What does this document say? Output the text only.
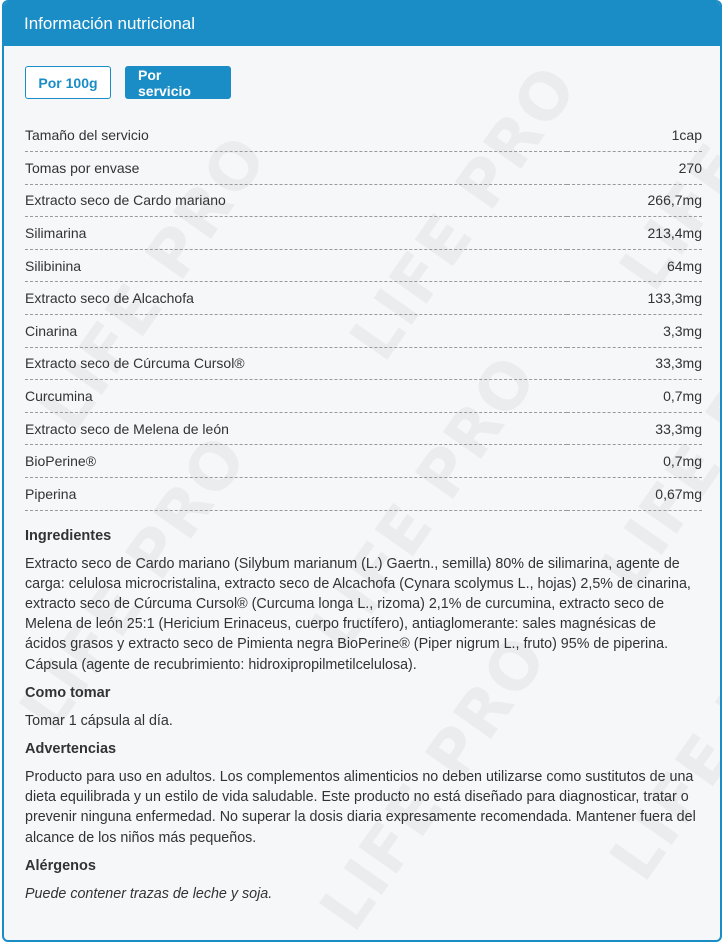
Información nutricional
Por 100g	Por servicio
Tamaño del servicio	1cap
Tomas por envase	270
Extracto seco de Cardo mariano	266,7mg
Silimarina	213,4mg
Silibinina	64mg
Extracto seco de Alcachofa	133,3mg
Cinarina	3,3mg
Extracto seco de Cúrcuma Cursol®	33,3mg
Curcumina	0,7mg
Extracto seco de Melena de león	33,3mg
BioPerine®	0,7mg
Piperina	0,67mg
Ingredientes
Extracto seco de Cardo mariano (Silybum marianum (L.) Gaertn., semilla) 80% de silimarina, agente de carga: celulosa microcristalina, extracto seco de Alcachofa (Cynara scolymus L., hojas) 2,5% de cinarina, extracto seco de Cúrcuma Cursol® (Curcuma longa L., rizoma) 2,1% de curcumina, extracto seco de Melena de león 25:1 (Hericium Erinaceus, cuerpo fructífero), antiaglomerante: sales magnésicas de ácidos grasos y extracto seco de Pimienta negra BioPerine® (Piper nigrum L., fruto) 95% de piperina. Cápsula (agente de recubrimiento: hidroxipropilmetilcelulosa).
Como tomar
Tomar 1 cápsula al día.
Advertencias
Producto para uso en adultos. Los complementos alimenticios no deben utilizarse como sustitutos de una dieta equilibrada y un estilo de vida saludable. Este producto no está diseñado para diagnosticar, tratar o prevenir ninguna enfermedad. No superar la dosis diaria expresamente recomendada. Mantener fuera del alcance de los niños más pequeños.
Alérgenos
Puede contener trazas de leche y soja.
